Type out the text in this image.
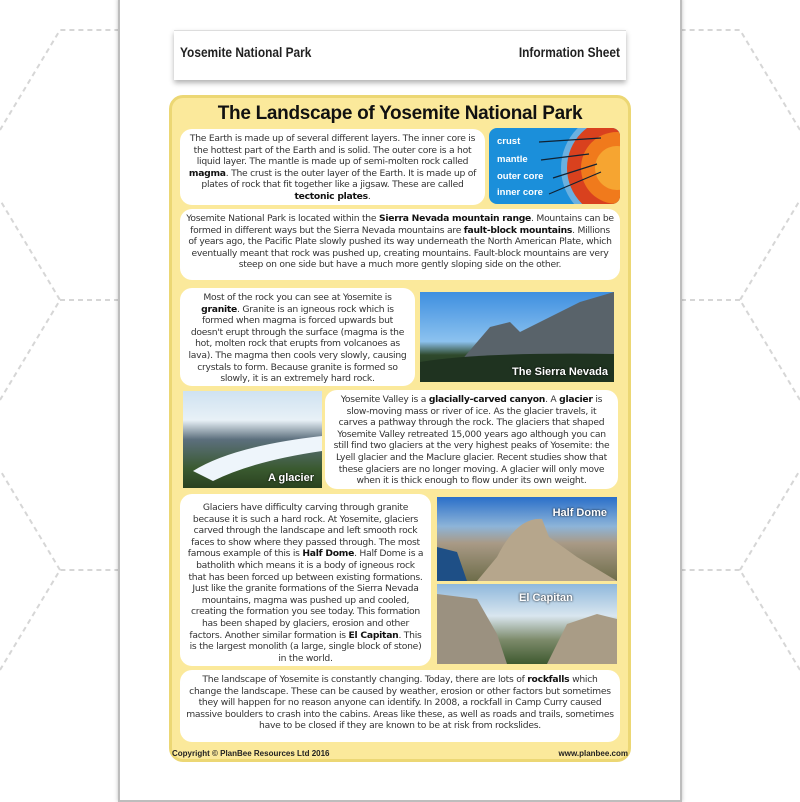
Yosemite National Park	Information Sheet
The Landscape of Yosemite National Park
The Earth is made up of several different layers. The inner core is the hottest part of the Earth and is solid. The outer core is a hot liquid layer. The mantle is made up of semi-molten rock called magma. The crust is the outer layer of the Earth. It is made up of plates of rock that fit together like a jigsaw. These are called tectonic plates.
crust
mantle
outer core
inner core
Yosemite National Park is located within the Sierra Nevada mountain range. Mountains can be formed in different ways but the Sierra Nevada mountains are fault-block mountains. Millions of years ago, the Pacific Plate slowly pushed its way underneath the North American Plate, which eventually meant that rock was pushed up, creating mountains. Fault-block mountains are very steep on one side but have a much more gently sloping side on the other.
Most of the rock you can see at Yosemite is granite. Granite is an igneous rock which is formed when magma is forced upwards but doesn't erupt through the surface (magma is the hot, molten rock that erupts from volcanoes as lava). The magma then cools very slowly, causing crystals to form. Because granite is formed so slowly, it is an extremely hard rock.
The Sierra Nevada
A glacier
Yosemite Valley is a glacially-carved canyon. A glacier is slow-moving mass or river of ice. As the glacier travels, it carves a pathway through the rock. The glaciers that shaped Yosemite Valley retreated 15,000 years ago although you can still find two glaciers at the very highest peaks of Yosemite: the Lyell glacier and the Maclure glacier. Recent studies show that these glaciers are no longer moving. A glacier will only move when it is thick enough to flow under its own weight.
Glaciers have difficulty carving through granite because it is such a hard rock. At Yosemite, glaciers carved through the landscape and left smooth rock faces to show where they passed through. The most famous example of this is Half Dome. Half Dome is a batholith which means it is a body of igneous rock that has been forced up between existing formations. Just like the granite formations of the Sierra Nevada mountains, magma was pushed up and cooled, creating the formation you see today. This formation has been shaped by glaciers, erosion and other factors. Another similar formation is El Capitan. This is the largest monolith (a large, single block of stone) in the world.
Half Dome
El Capitan
The landscape of Yosemite is constantly changing. Today, there are lots of rockfalls which change the landscape. These can be caused by weather, erosion or other factors but sometimes they will happen for no reason anyone can identify. In 2008, a rockfall in Camp Curry caused massive boulders to crash into the cabins. Areas like these, as well as roads and trails, sometimes have to be closed if they are known to be at risk from rockslides.
Copyright © PlanBee Resources Ltd 2016	www.planbee.com
